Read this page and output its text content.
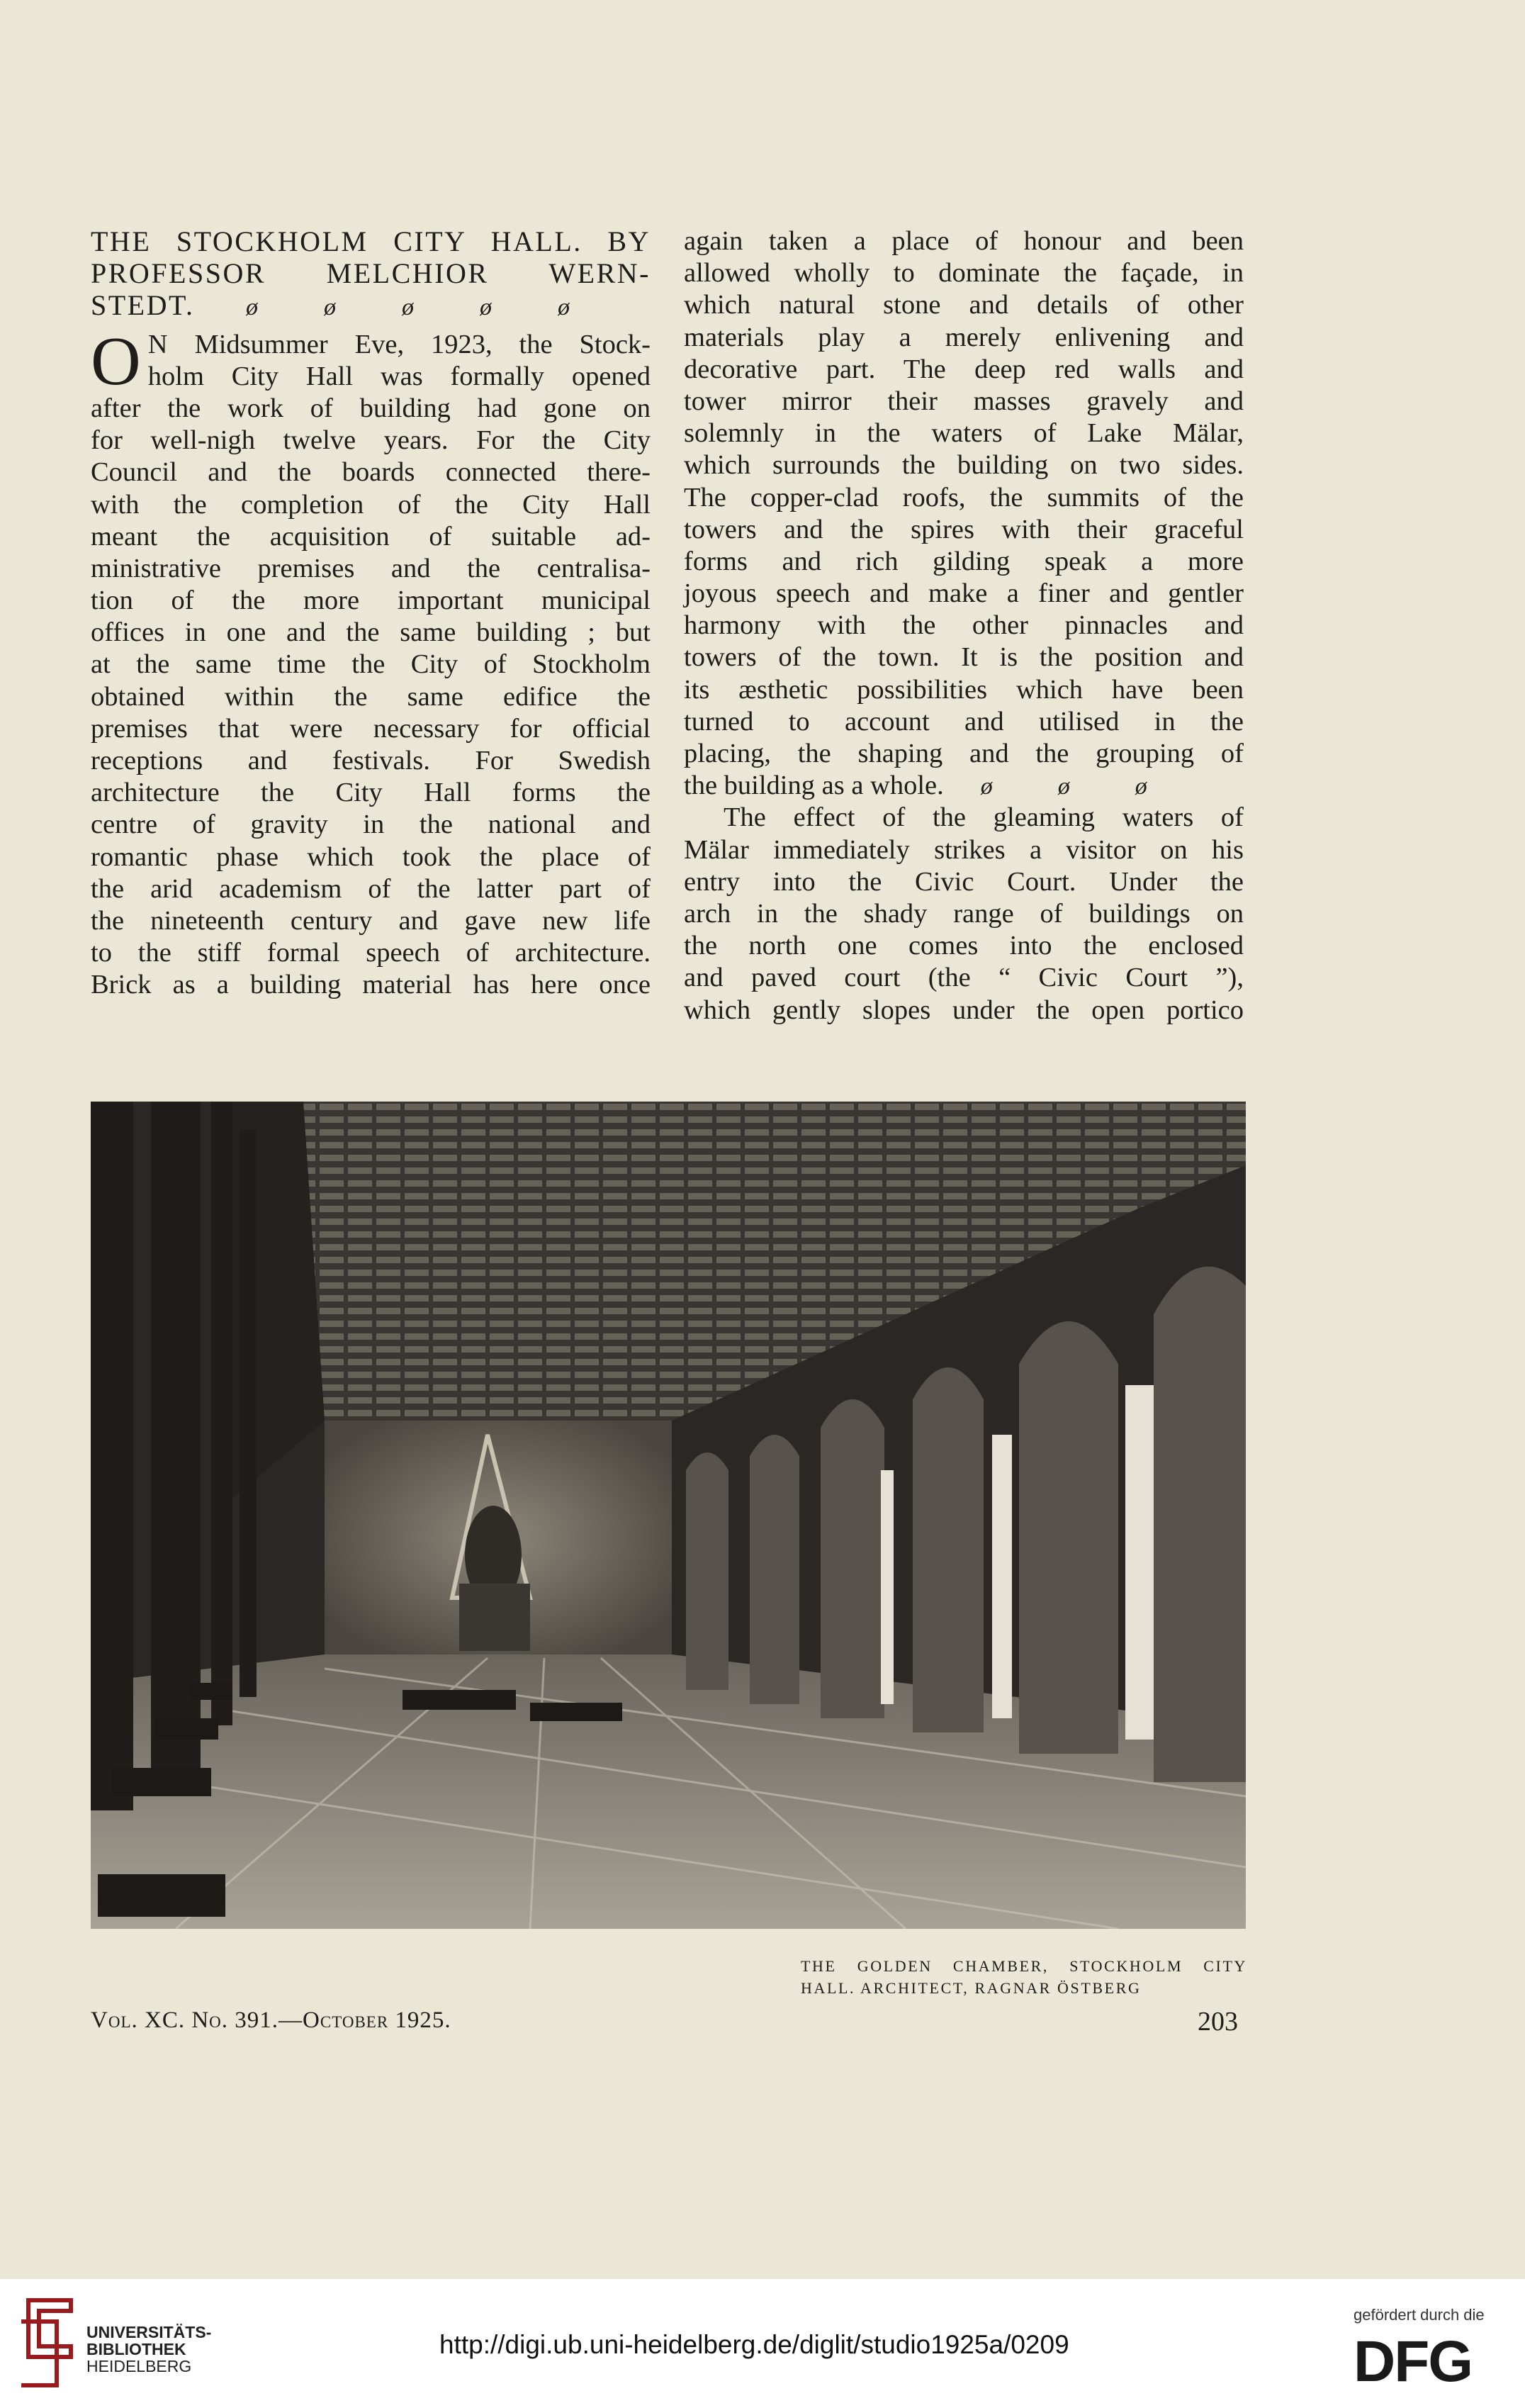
THE STOCKHOLM CITY HALL. BY
PROFESSOR MELCHIOR WERN-
STEDT. ø	ø	ø	ø	ø
O N Midsummer Eve, 1923, the Stock-
holm City Hall was formally opened
after the work of building had gone on
for well-nigh twelve years. For the City
Council and the boards connected there-
with the completion of the City Hall
meant the acquisition of suitable ad-
ministrative premises and the centralisa-
tion of the more important municipal
offices in one and the same building ; but
at the same time the City of Stockholm
obtained within the same edifice the
premises that were necessary for official
receptions and festivals. For Swedish
architecture the City Hall forms the
centre of gravity in the national and
romantic phase which took the place of
the arid academism of the latter part of
the nineteenth century and gave new life
to the stiff formal speech of architecture.
Brick as a building material has here once
again taken a place of honour and been
allowed wholly to dominate the façade, in
which natural stone and details of other
materials play a merely enlivening and
decorative part. The deep red walls and
tower mirror their masses gravely and
solemnly in the waters of Lake Mälar,
which surrounds the building on two sides.
The copper-clad roofs, the summits of the
towers and the spires with their graceful
forms and rich gilding speak a more
joyous speech and make a finer and gentler
harmony with the other pinnacles and
towers of the town. It is the position and
its æsthetic possibilities which have been
turned to account and utilised in the
placing, the shaping and the grouping of
the building as a whole. ø	ø	ø
The effect of the gleaming waters of
Mälar immediately strikes a visitor on his
entry into the Civic Court. Under the
arch in the shady range of buildings on
the north one comes into the enclosed
and paved court (the “ Civic Court ”),
which gently slopes under the open portico
THE GOLDEN CHAMBER, STOCKHOLM CITY
HALL. ARCHITECT, RAGNAR ÖSTBERG
Vol. XC. No. 391.—October 1925.	203
UNIVERSITÄTS-
BIBLIOTHEK
HEIDELBERG
http://digi.ub.uni-heidelberg.de/diglit/studio1925a/0209
gefördert durch die
DFG
